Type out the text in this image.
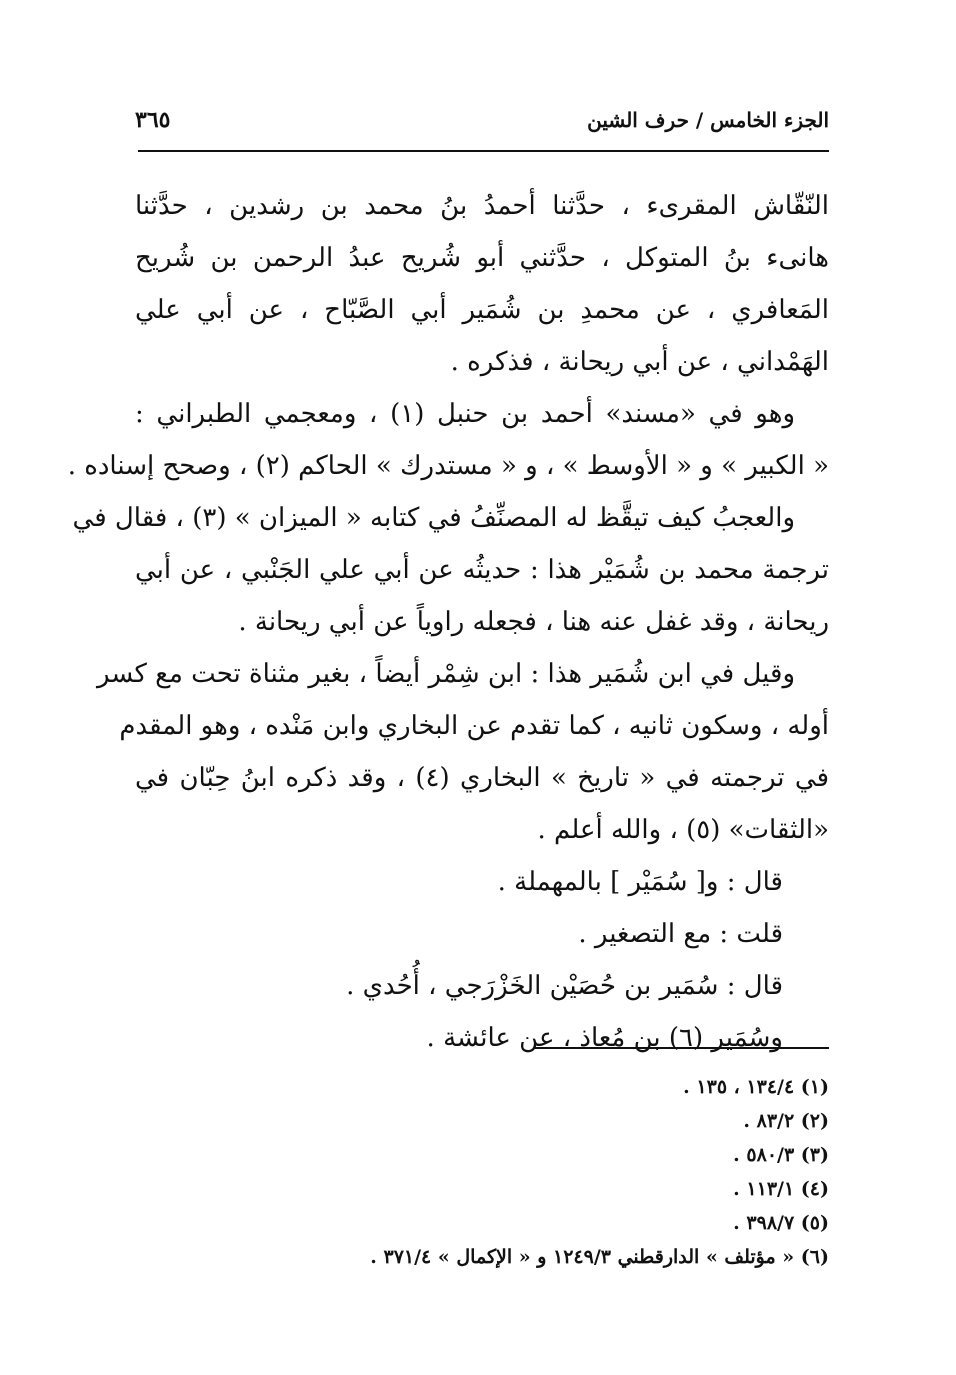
الجزء الخامس / حرف الشين
٣٦٥
النّقّاش المقرىء ، حدَّثنا أحمدُ بنُ محمد بن رشدين ، حدَّثنا
هانىء بنُ المتوكل ، حدَّثني أبو شُريح عبدُ الرحمن بن شُريح
المَعافري ، عن محمدِ بن شُمَير أبي الصَّبّاح ، عن أبي علي
الهَمْداني ، عن أبي ريحانة ، فذكره .
وهو في «مسند» أحمد بن حنبل (١) ، ومعجمي الطبراني :
« الكبير » و « الأوسط » ، و « مستدرك » الحاكم (٢) ، وصحح إسناده .
والعجبُ كيف تيقَّظ له المصنِّفُ في كتابه « الميزان » (٣) ، فقال في
ترجمة محمد بن شُمَيْر هذا : حديثُه عن أبي علي الجَنْبي ، عن أبي
ريحانة ، وقد غفل عنه هنا ، فجعله راوياً عن أبي ريحانة .
وقيل في ابن شُمَير هذا : ابن شِمْر أيضاً ، بغير مثناة تحت مع كسر
أوله ، وسكون ثانيه ، كما تقدم عن البخاري وابن مَنْده ، وهو المقدم
في ترجمته في « تاريخ » البخاري (٤) ، وقد ذكره ابنُ حِبّان في
«الثقات» (٥) ، والله أعلم .
قال : و[ سُمَيْر ] بالمهملة .
قلت : مع التصغير .
قال : سُمَير بن حُصَيْن الخَزْرَجي ، أُحُدي .
وسُمَير (٦) بن مُعاذ ، عن عائشة .
(١) ١٣٤/٤ ، ١٣٥ .
(٢) ٨٣/٢ .
(٣) ٥٨٠/٣ .
(٤) ١١٣/١ .
(٥) ٣٩٨/٧ .
(٦) « مؤتلف » الدارقطني ١٢٤٩/٣ و « الإكمال » ٣٧١/٤ .
